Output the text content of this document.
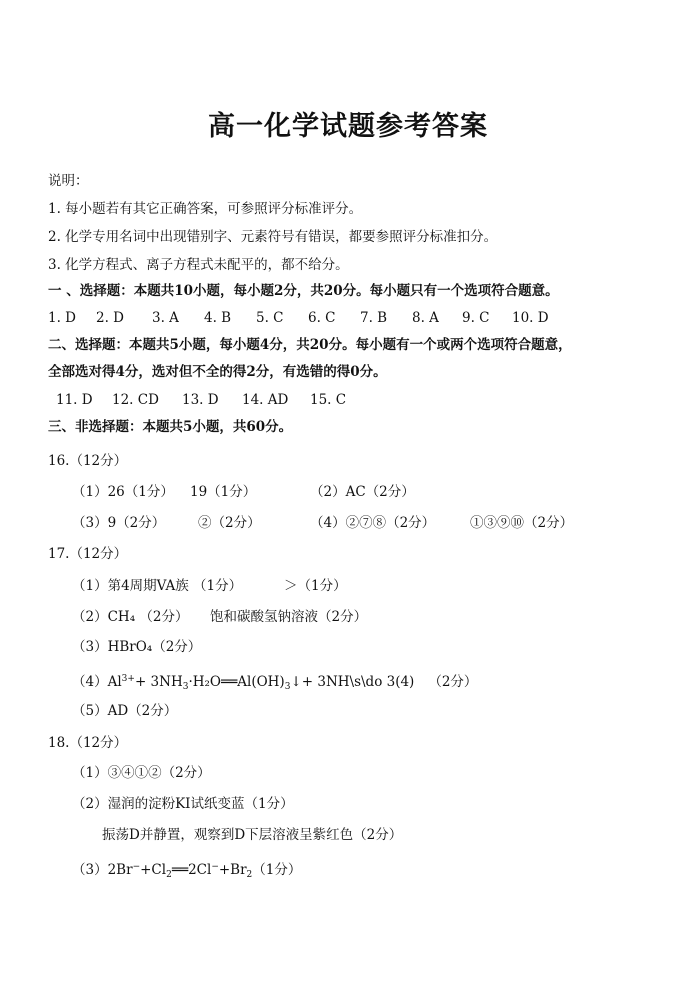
高一化学试题参考答案
说明：
1. 每小题若有其它正确答案，可参照评分标准评分。
2. 化学专用名词中出现错别字、元素符号有错误，都要参照评分标准扣分。
3. 化学方程式、离子方程式未配平的，都不给分。
一 、选择题：本题共10小题，每小题2分，共20分。每小题只有一个选项符合题意。
1. D 2. D 3. A 4. B 5. C 6. C 7. B 8. A 9. C 10. D
二、选择题：本题共5小题，每小题4分，共20分。每小题有一个或两个选项符合题意，
全部选对得4分，选对但不全的得2分，有选错的得0分。
11. D 12. CD 13. D 14. AD 15. C
三、非选择题：本题共5小题，共60分。
16.（12分）
（1）26（1分） 19（1分）	（2）AC（2分）
（3）9（2分） ②（2分）	（4）②⑦⑧（2分）	①③⑨⑩（2分）
17.（12分）
（1）第4周期VA族 （1分）	＞（1分）
（2）CH₄ （2分） 饱和碳酸氢钠溶液（2分）
（3）HBrO₄（2分）
$(4)Al^{3+}+$ $3NH_3\cdot H_2O══Al(OH)_3↓+$ 3NH\s\do 3(4) （2分）
（5）AD（2分）
18.（12分）
（1）③④①②（2分）
（2）湿润的淀粉KI试纸变蓝（1分）
振荡D并静置，观察到D下层溶液呈紫红色（2分）
$(3)2Br^-+Cl_2══2Cl^-+Br_2(1$分）
